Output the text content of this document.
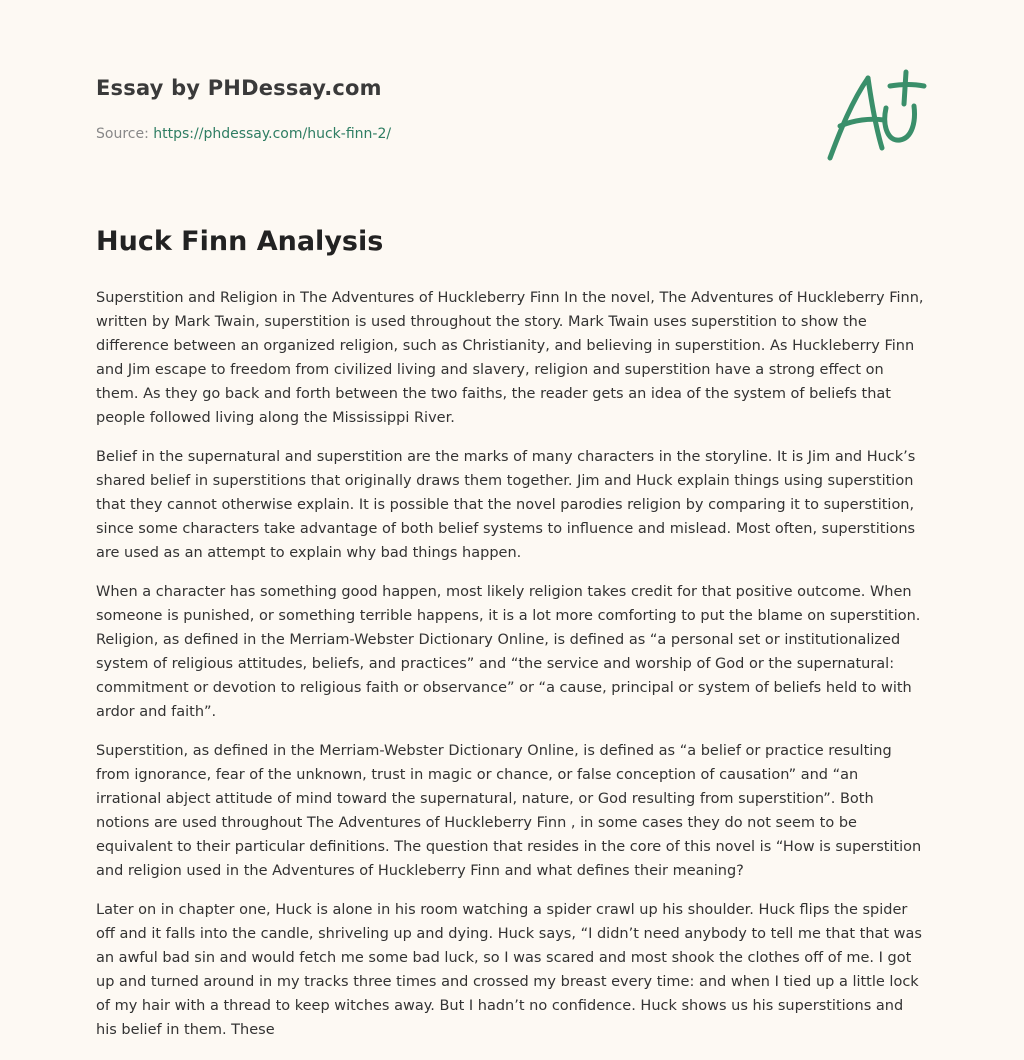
Essay by PHDessay.com
Source: https://phdessay.com/huck-finn-2/
Huck Finn Analysis

Superstition and Religion in The Adventures of Huckleberry Finn In the novel, The Adventures of Huckleberry Finn, written by Mark Twain, superstition is used throughout the story. Mark Twain uses superstition to show the difference between an organized religion, such as Christianity, and believing in superstition. As Huckleberry Finn and Jim escape to freedom from civilized living and slavery, religion and superstition have a strong effect on them. As they go back and forth between the two faiths, the reader gets an idea of the system of beliefs that people followed living along the Mississippi River.

Belief in the supernatural and superstition are the marks of many characters in the storyline. It is Jim and Huck’s shared belief in superstitions that originally draws them together. Jim and Huck explain things using superstition that they cannot otherwise explain. It is possible that the novel parodies religion by comparing it to superstition, since some characters take advantage of both belief systems to influence and mislead. Most often, superstitions are used as an attempt to explain why bad things happen.

When a character has something good happen, most likely religion takes credit for that positive outcome. When someone is punished, or something terrible happens, it is a lot more comforting to put the blame on superstition. Religion, as defined in the Merriam-Webster Dictionary Online, is defined as “a personal set or institutionalized system of religious attitudes, beliefs, and practices” and “the service and worship of God or the supernatural: commitment or devotion to religious faith or observance” or “a cause, principal or system of beliefs held to with ardor and faith”.

Superstition, as defined in the Merriam-Webster Dictionary Online, is defined as “a belief or practice resulting from ignorance, fear of the unknown, trust in magic or chance, or false conception of causation” and “an irrational abject attitude of mind toward the supernatural, nature, or God resulting from superstition”. Both notions are used throughout The Adventures of Huckleberry Finn , in some cases they do not seem to be equivalent to their particular definitions. The question that resides in the core of this novel is “How is superstition and religion used in the Adventures of Huckleberry Finn and what defines their meaning?

Later on in chapter one, Huck is alone in his room watching a spider crawl up his shoulder. Huck flips the spider off and it falls into the candle, shriveling up and dying. Huck says, “I didn’t need anybody to tell me that that was an awful bad sin and would fetch me some bad luck, so I was scared and most shook the clothes off of me. I got up and turned around in my tracks three times and crossed my breast every time: and when I tied up a little lock of my hair with a thread to keep witches away. But I hadn’t no confidence. Huck shows us his superstitions and his belief in them. These
